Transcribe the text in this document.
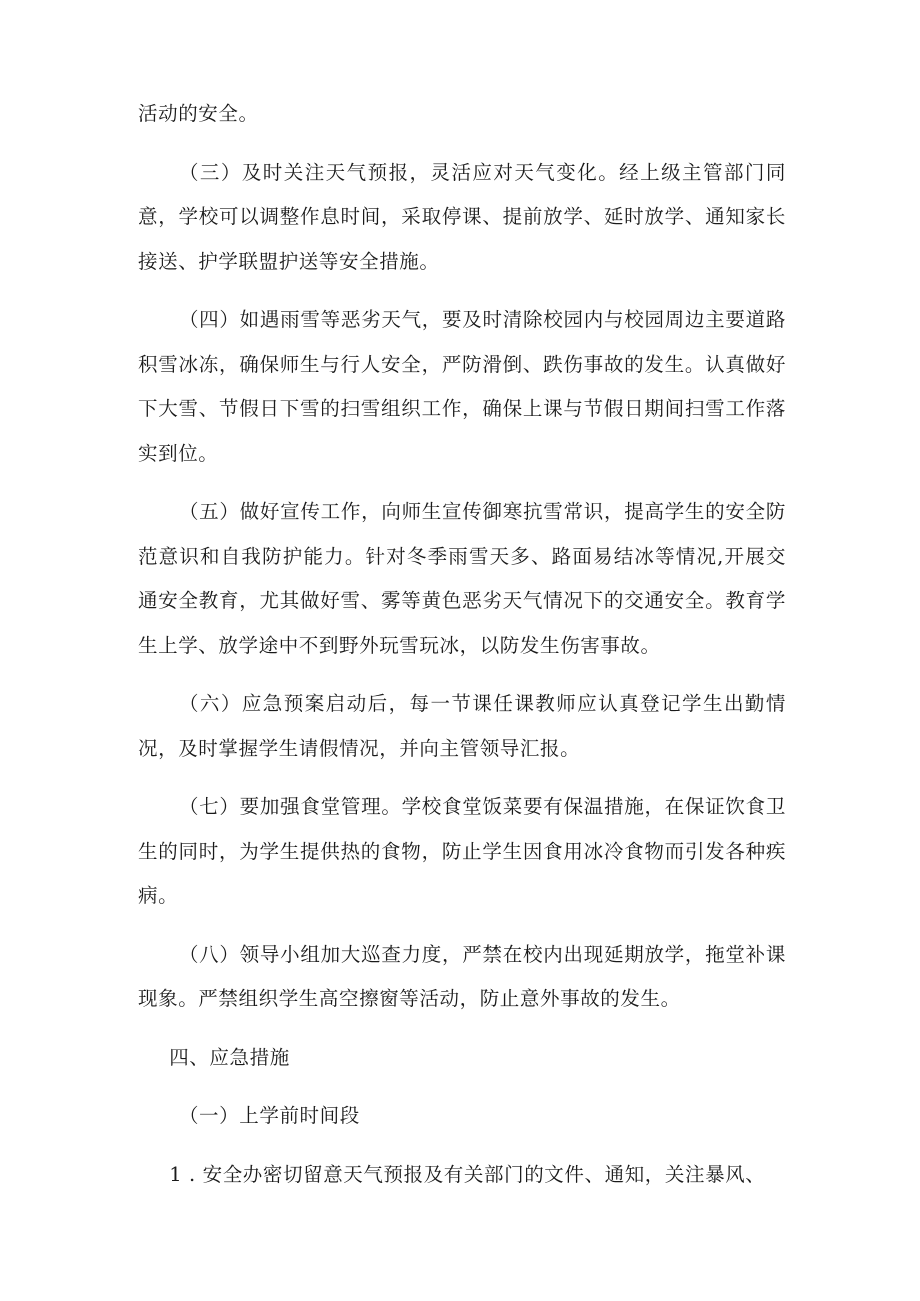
活动的安全。

（三）及时关注天气预报，灵活应对天气变化。经上级主管部门同意，学校可以调整作息时间，采取停课、提前放学、延时放学、通知家长接送、护学联盟护送等安全措施。

（四）如遇雨雪等恶劣天气，要及时清除校园内与校园周边主要道路积雪冰冻，确保师生与行人安全，严防滑倒、跌伤事故的发生。认真做好下大雪、节假日下雪的扫雪组织工作，确保上课与节假日期间扫雪工作落实到位。

（五）做好宣传工作，向师生宣传御寒抗雪常识，提高学生的安全防范意识和自我防护能力。针对冬季雨雪天多、路面易结冰等情况,开展交通安全教育，尤其做好雪、雾等黄色恶劣天气情况下的交通安全。教育学生上学、放学途中不到野外玩雪玩冰，以防发生伤害事故。

（六）应急预案启动后，每一节课任课教师应认真登记学生出勤情况，及时掌握学生请假情况，并向主管领导汇报。

（七）要加强食堂管理。学校食堂饭菜要有保温措施，在保证饮食卫生的同时，为学生提供热的食物，防止学生因食用冰冷食物而引发各种疾病。

（八）领导小组加大巡查力度，严禁在校内出现延期放学，拖堂补课现象。严禁组织学生高空擦窗等活动，防止意外事故的发生。

四、应急措施

（一）上学前时间段

1 . 安全办密切留意天气预报及有关部门的文件、通知，关注暴风、
